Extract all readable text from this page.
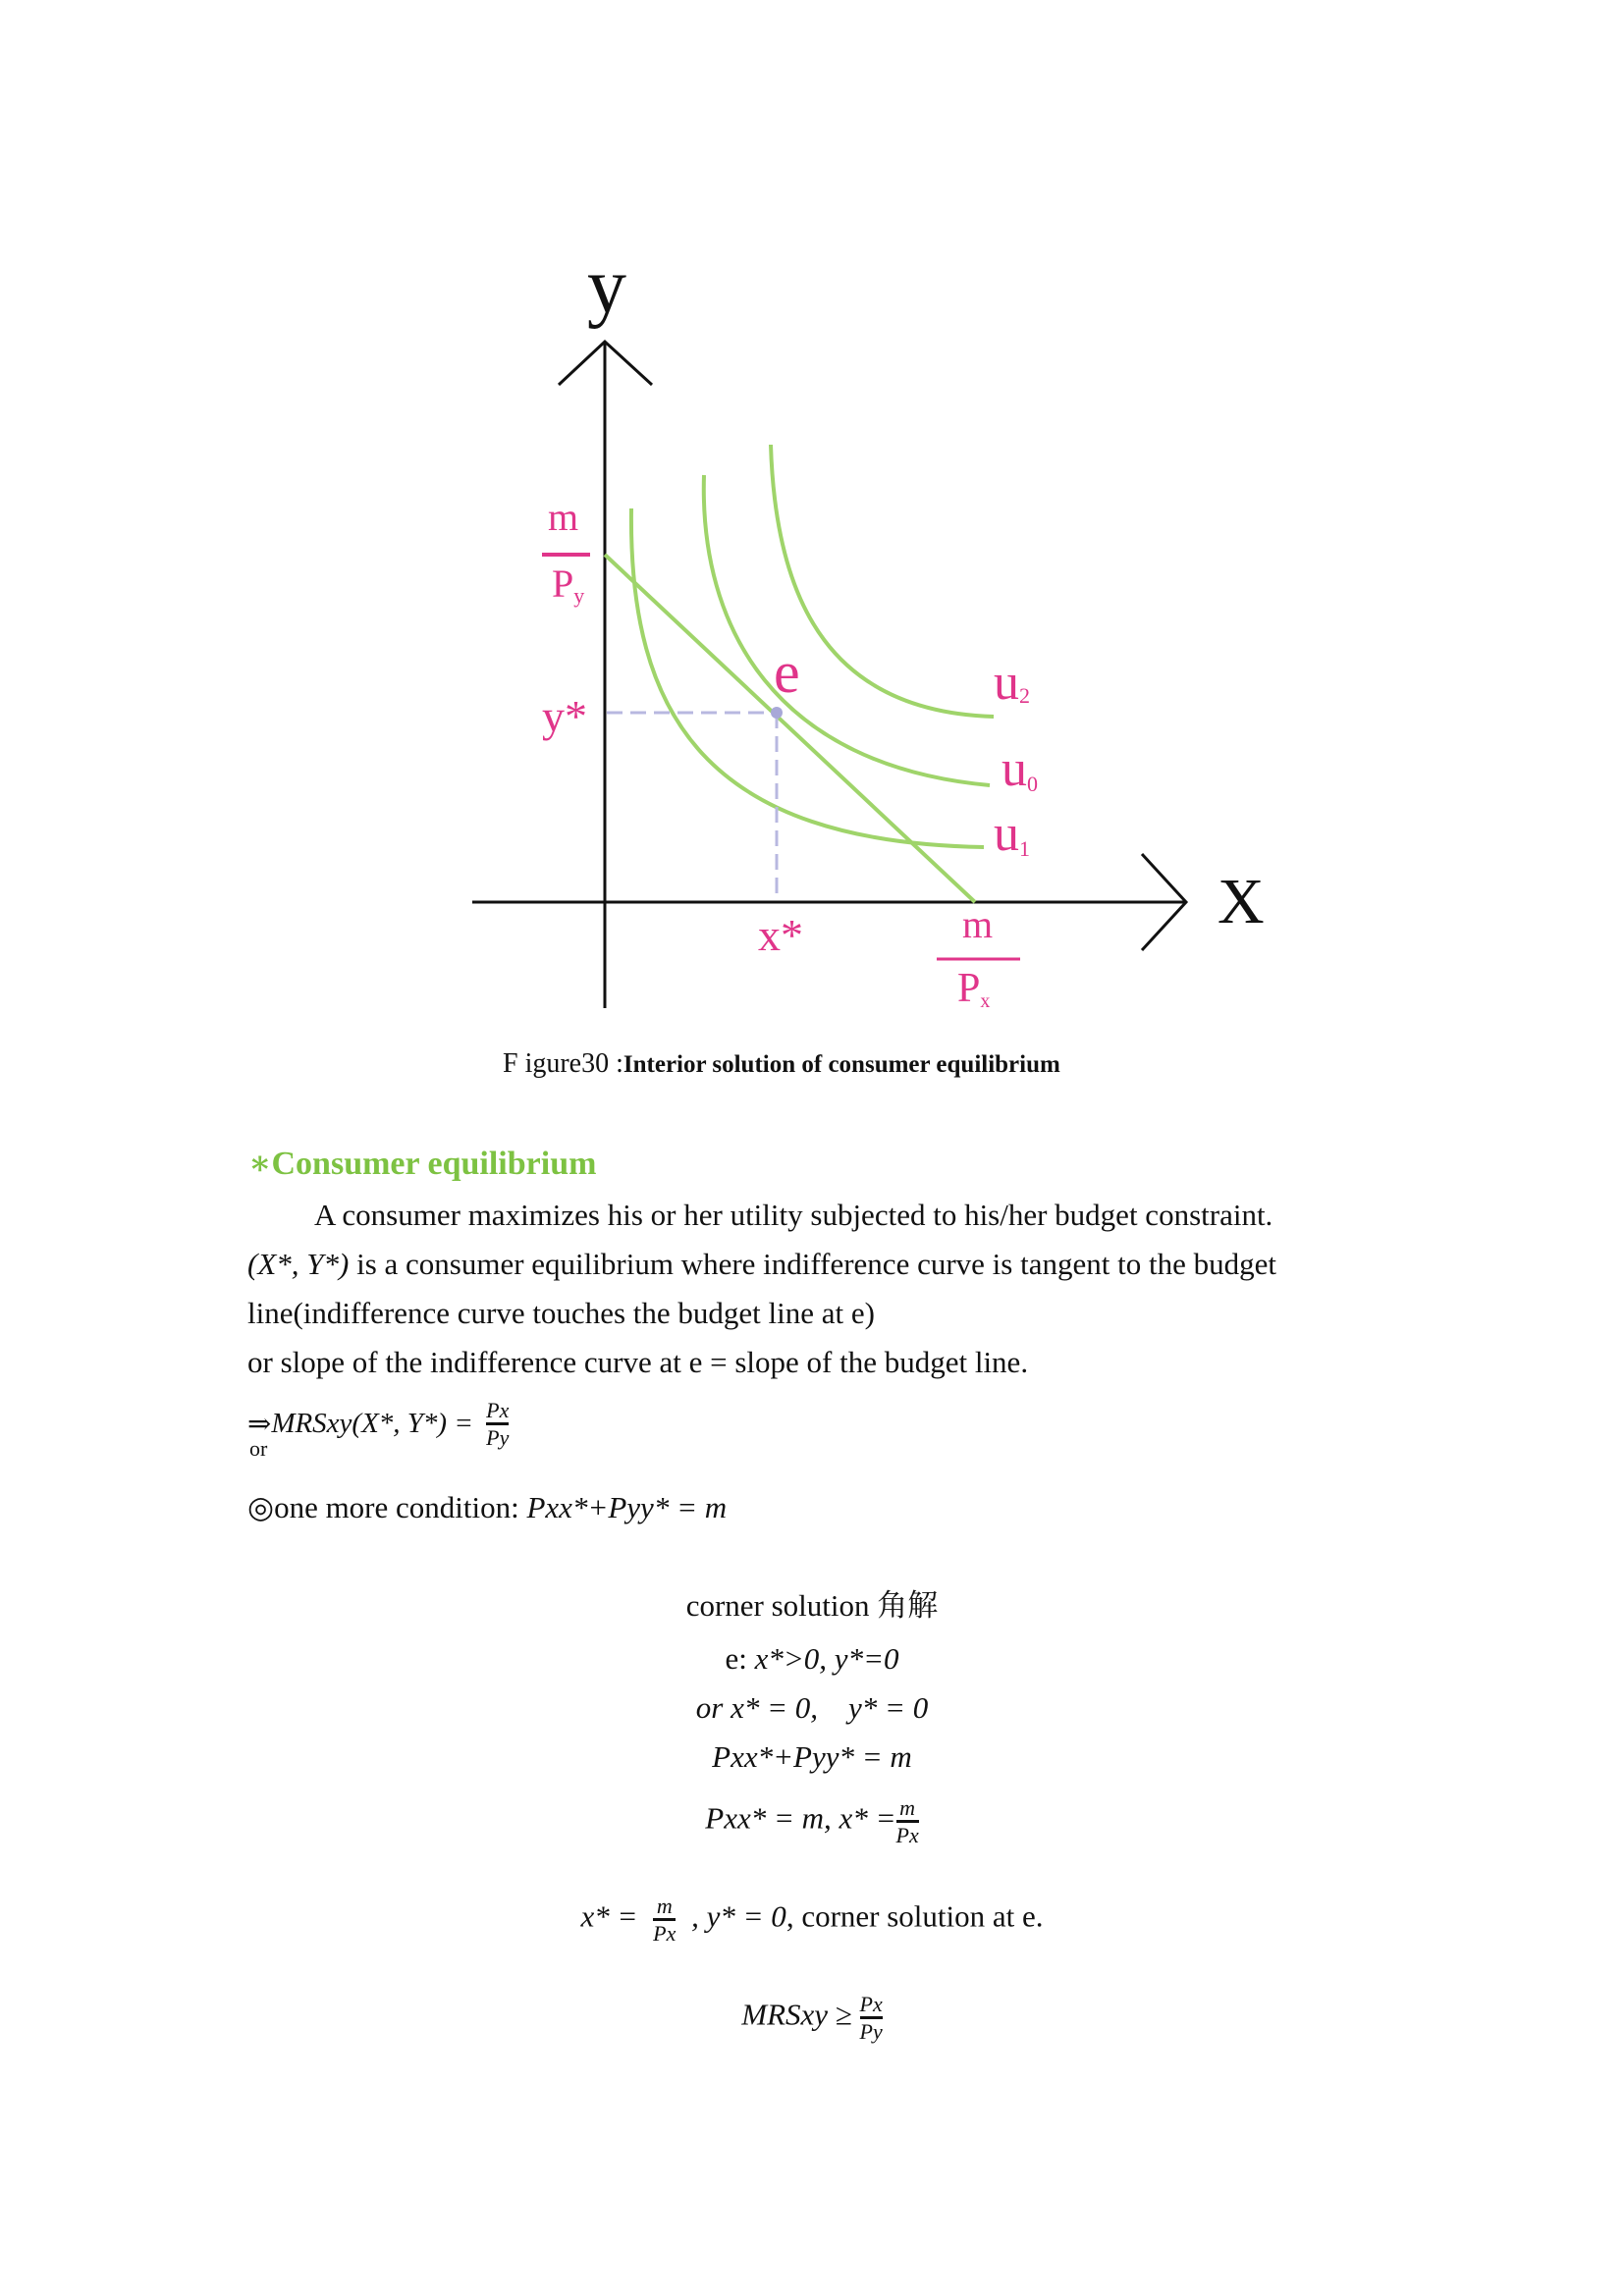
y
X
m
Py
y*
e	u2
u0
u1
x*	m
Px
F igure30 :Interior solution of consumer equilibrium
∗Consumer equilibrium
A consumer maximizes his or her utility subjected to his/her budget constraint.
(X*, Y*) is a consumer equilibrium where indifference curve is tangent to the budget
line(indifference curve touches the budget line at e)
or slope of the indifference curve at e = slope of the budget line.
⇒
or
MRSxy(X*, $Y*) = \frac{Px}{Py}$
◎one more condition: Pxx*+Pyy* = m
corner solution 角解
e: x*>0, y*=0
or x* = 0,    y* = 0
Pxx*+Pyy* = m
Pxx* = m, $x* = \frac{m}{Px}$
$x* = \frac{m}{Px}$ , y* = 0, corner solution at e.
MRSxy ≥ $\frac{Px}{Py}$
